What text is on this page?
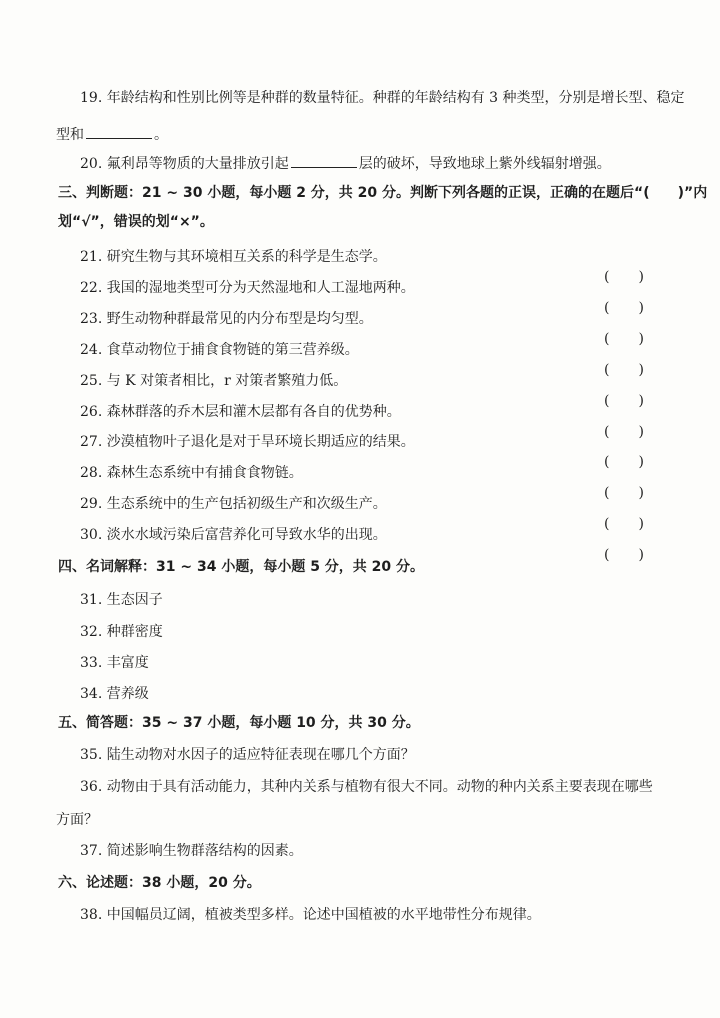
19. 年龄结构和性别比例等是种群的数量特征。种群的年龄结构有 3 种类型，分别是增长型、稳定
型和	。
20. 氟利昂等物质的大量排放引起	层的破坏，导致地球上紫外线辐射增强。
三、判断题：21 ~ 30 小题，每小题 2 分，共 20 分。判断下列各题的正误，正确的在题后“(　　)”内
划“√”，错误的划“×”。
21. 研究生物与其环境相互关系的科学是生态学。
( )
22. 我国的湿地类型可分为天然湿地和人工湿地两种。
( )
23. 野生动物种群最常见的内分布型是均匀型。
( )
24. 食草动物位于捕食食物链的第三营养级。
( )
25. 与 K 对策者相比，r 对策者繁殖力低。
( )
26. 森林群落的乔木层和灌木层都有各自的优势种。
( )
27. 沙漠植物叶子退化是对于旱环境长期适应的结果。
( )
28. 森林生态系统中有捕食食物链。
( )
29. 生态系统中的生产包括初级生产和次级生产。
( )
30. 淡水水域污染后富营养化可导致水华的出现。
( )
四、名词解释：31 ~ 34 小题，每小题 5 分，共 20 分。
31. 生态因子
32. 种群密度
33. 丰富度
34. 营养级
五、简答题：35 ~ 37 小题，每小题 10 分，共 30 分。
35. 陆生动物对水因子的适应特征表现在哪几个方面？
36. 动物由于具有活动能力，其种内关系与植物有很大不同。动物的种内关系主要表现在哪些
方面？
37. 简述影响生物群落结构的因素。
六、论述题：38 小题，20 分。
38. 中国幅员辽阔，植被类型多样。论述中国植被的水平地带性分布规律。
